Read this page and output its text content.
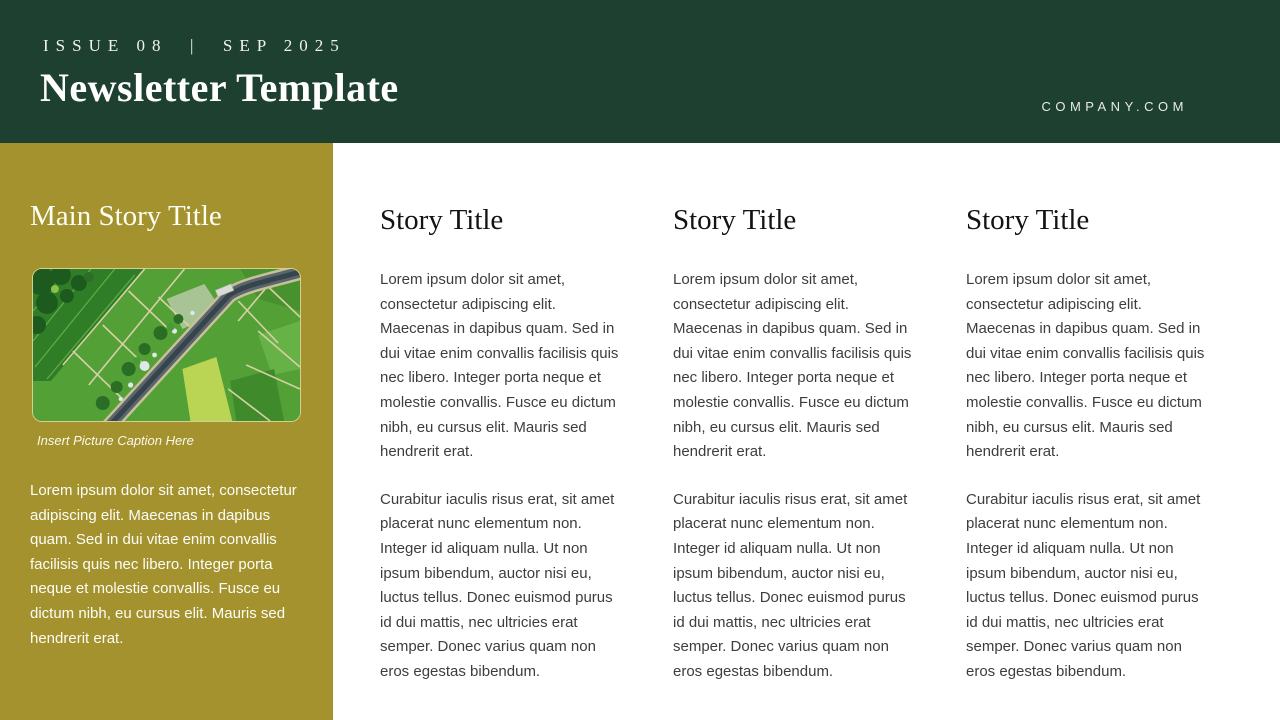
ISSUE 08  |  SEP 2025
Newsletter Template	COMPANY.COM
Main Story Title
Insert Picture Caption Here
Lorem ipsum dolor sit amet, consectetur adipiscing elit. Maecenas in dapibus quam. Sed in dui vitae enim convallis facilisis quis nec libero. Integer porta neque et molestie convallis. Fusce eu dictum nibh, eu cursus elit. Mauris sed hendrerit erat.
Story Title

Lorem ipsum dolor sit amet, consectetur adipiscing elit. Maecenas in dapibus quam. Sed in dui vitae enim convallis facilisis quis nec libero. Integer porta neque et molestie convallis. Fusce eu dictum nibh, eu cursus elit. Mauris sed hendrerit erat.

Curabitur iaculis risus erat, sit amet placerat nunc elementum non. Integer id aliquam nulla. Ut non ipsum bibendum, auctor nisi eu, luctus tellus. Donec euismod purus id dui mattis, nec ultricies erat semper. Donec varius quam non eros egestas bibendum.

Story Title

Lorem ipsum dolor sit amet, consectetur adipiscing elit. Maecenas in dapibus quam. Sed in dui vitae enim convallis facilisis quis nec libero. Integer porta neque et molestie convallis. Fusce eu dictum nibh, eu cursus elit. Mauris sed hendrerit erat.

Curabitur iaculis risus erat, sit amet placerat nunc elementum non. Integer id aliquam nulla. Ut non ipsum bibendum, auctor nisi eu, luctus tellus. Donec euismod purus id dui mattis, nec ultricies erat semper. Donec varius quam non eros egestas bibendum.

Story Title

Lorem ipsum dolor sit amet, consectetur adipiscing elit. Maecenas in dapibus quam. Sed in dui vitae enim convallis facilisis quis nec libero. Integer porta neque et molestie convallis. Fusce eu dictum nibh, eu cursus elit. Mauris sed hendrerit erat.

Curabitur iaculis risus erat, sit amet placerat nunc elementum non. Integer id aliquam nulla. Ut non ipsum bibendum, auctor nisi eu, luctus tellus. Donec euismod purus id dui mattis, nec ultricies erat semper. Donec varius quam non eros egestas bibendum.
